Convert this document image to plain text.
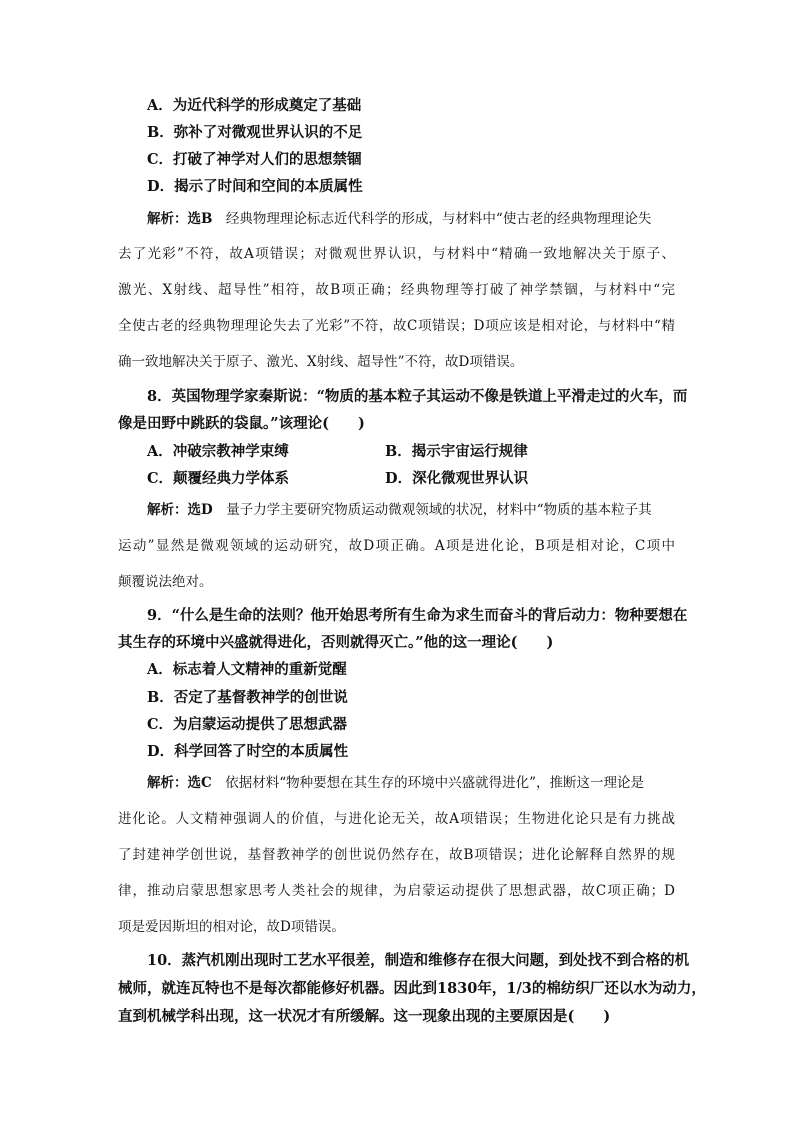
A．为近代科学的形成奠定了基础

B．弥补了对微观世界认识的不足

C．打破了神学对人们的思想禁锢

D．揭示了时间和空间的本质属性

解析：选B　 经典物理理论标志近代科学的形成，与材料中“使古老的经典物理理论失

去了光彩”不符，故A项错误；对微观世界认识，与材料中“精确一致地解决关于原子、

激光、X射线、超导性”相符，故B项正确；经典物理等打破了神学禁锢，与材料中“完

全使古老的经典物理理论失去了光彩”不符，故C项错误；D项应该是相对论，与材料中“精

确一致地解决关于原子、激光、X射线、超导性”不符，故D项错误。

8．英国物理学家秦斯说：“物质的基本粒子其运动不像是铁道上平滑走过的火车，而

像是田野中跳跃的袋鼠。”该理论(　　)

A．冲破宗教神学束缚	B．揭示宇宙运行规律

C．颠覆经典力学体系	D．深化微观世界认识

解析：选D　 量子力学主要研究物质运动微观领域的状况，材料中“物质的基本粒子其

运动”显然是微观领域的运动研究，故D项正确。A项是进化论，B项是相对论，C项中

颠覆说法绝对。

9．“什么是生命的法则？他开始思考所有生命为求生而奋斗的背后动力：物种要想在

其生存的环境中兴盛就得进化，否则就得灭亡。”他的这一理论(　　)

A．标志着人文精神的重新觉醒

B．否定了基督教神学的创世说

C．为启蒙运动提供了思想武器

D．科学回答了时空的本质属性

解析：选C　 依据材料“物种要想在其生存的环境中兴盛就得进化”，推断这一理论是

进化论。人文精神强调人的价值，与进化论无关，故A项错误；生物进化论只是有力挑战

了封建神学创世说，基督教神学的创世说仍然存在，故B项错误；进化论解释自然界的规

律，推动启蒙思想家思考人类社会的规律，为启蒙运动提供了思想武器，故C项正确；D

项是爱因斯坦的相对论，故D项错误。

10．蒸汽机刚出现时工艺水平很差，制造和维修存在很大问题，到处找不到合格的机

械师，就连瓦特也不是每次都能修好机器。因此到1830年，1/3的棉纺织厂还以水为动力，

直到机械学科出现，这一状况才有所缓解。这一现象出现的主要原因是(　　)
